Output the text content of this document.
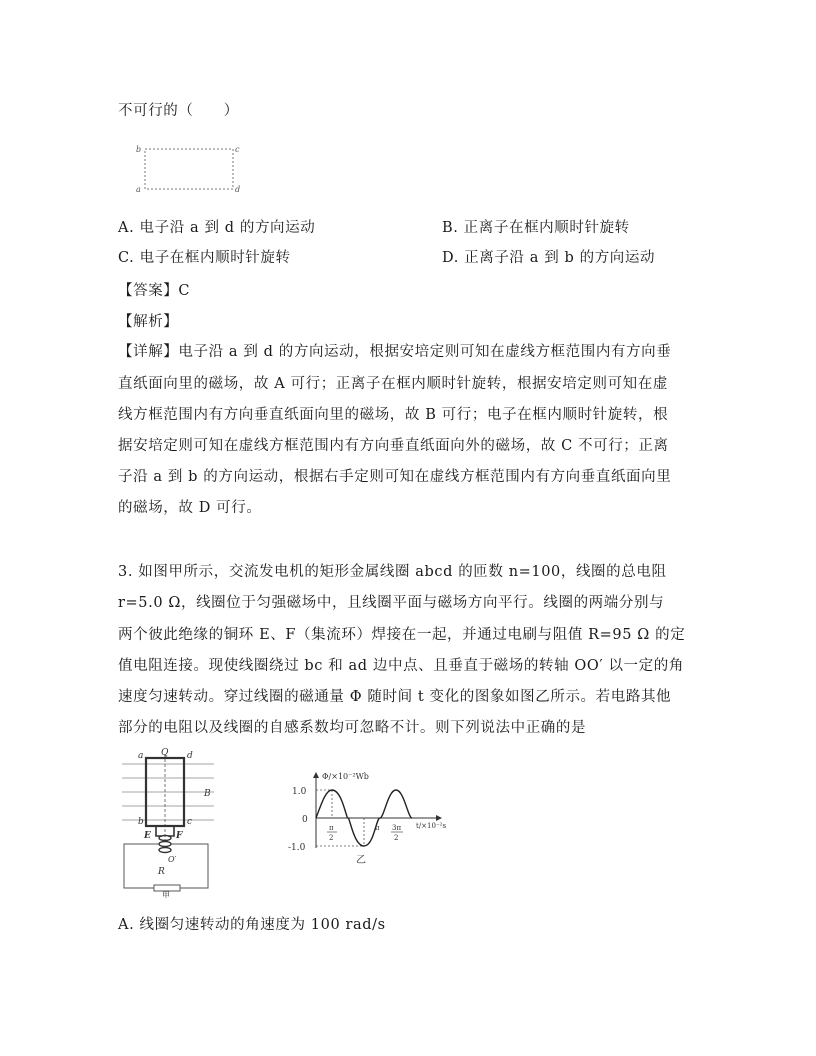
不可行的（　　）
b	c
a	d
A. 电子沿 a 到 d 的方向运动	B. 正离子在框内顺时针旋转
C. 电子在框内顺时针旋转	D. 正离子沿 a 到 b 的方向运动
【答案】C
【解析】
【详解】电子沿 a 到 d 的方向运动，根据安培定则可知在虚线方框范围内有方向垂
直纸面向里的磁场，故 A 可行；正离子在框内顺时针旋转，根据安培定则可知在虚
线方框范围内有方向垂直纸面向里的磁场，故 B 可行；电子在框内顺时针旋转，根
据安培定则可知在虚线方框范围内有方向垂直纸面向外的磁场，故 C 不可行；正离
子沿 a 到 b 的方向运动，根据右手定则可知在虚线方框范围内有方向垂直纸面向里
的磁场，故 D 可行。
3. 如图甲所示，交流发电机的矩形金属线圈 abcd 的匝数 n=100，线圈的总电阻
r=5.0 Ω，线圈位于匀强磁场中，且线圈平面与磁场方向平行。线圈的两端分别与
两个彼此绝缘的铜环 E、F（集流环）焊接在一起，并通过电刷与阻值 R=95 Ω 的定
值电阻连接。现使线圈绕过 bc 和 ad 边中点、且垂直于磁场的转轴 OO′ 以一定的角
速度匀速转动。穿过线圈的磁通量 Φ 随时间 t 变化的图象如图乙所示。若电路其他
部分的电阻以及线圈的自感系数均可忽略不计。则下列说法中正确的是
a Q d
B
b	c
E	F
O′
R
甲
Φ/×10⁻²Wb
1.0
0
-1.0
π
2
π 3π
2
t/×10⁻²s
乙
A. 线圈匀速转动的角速度为 100 rad/s
